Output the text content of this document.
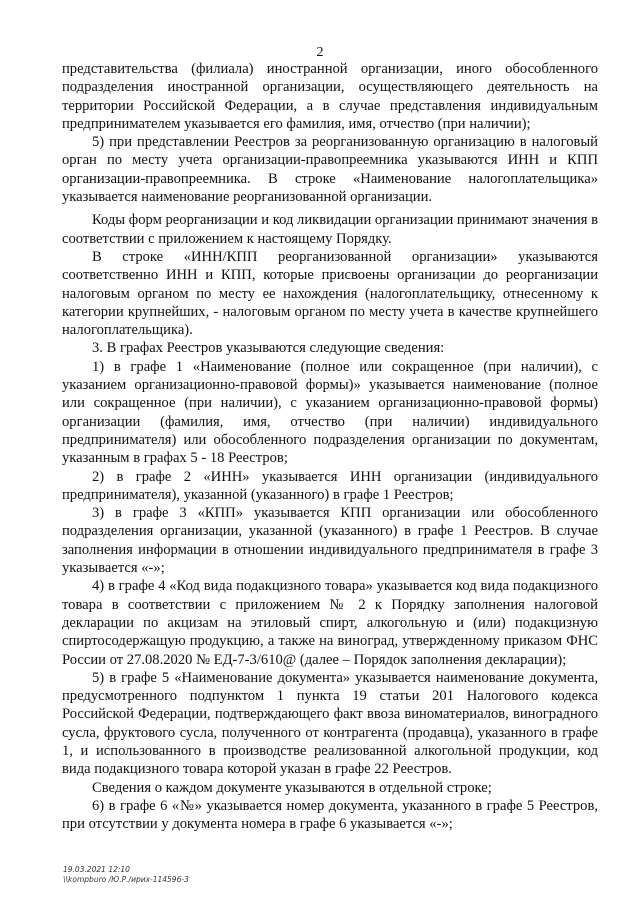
2

представительства (филиала) иностранной организации, иного обособленного подразделения иностранной организации, осуществляющего деятельность на территории Российской Федерации, а в случае представления индивидуальным предпринимателем указывается его фамилия, имя, отчество (при наличии);

5) при представлении Реестров за реорганизованную организацию в налоговый орган по месту учета организации-правопреемника указываются ИНН и КПП организации-правопреемника. В строке «Наименование налогоплательщика» указывается наименование реорганизованной организации.

Коды форм реорганизации и код ликвидации организации принимают значения в соответствии с приложением к настоящему Порядку.

В строке «ИНН/КПП реорганизованной организации» указываются соответственно ИНН и КПП, которые присвоены организации до реорганизации налоговым органом по месту ее нахождения (налогоплательщику, отнесенному к категории крупнейших, - налоговым органом по месту учета в качестве крупнейшего налогоплательщика).

3. В графах Реестров указываются следующие сведения:

1) в графе 1 «Наименование (полное или сокращенное (при наличии), с указанием организационно-правовой формы)» указывается наименование (полное или сокращенное (при наличии), с указанием организационно-правовой формы) организации (фамилия, имя, отчество (при наличии) индивидуального предпринимателя) или обособленного подразделения организации по документам, указанным в графах 5 - 18 Реестров;

2) в графе 2 «ИНН» указывается ИНН организации (индивидуального предпринимателя), указанной (указанного) в графе 1 Реестров;

3) в графе 3 «КПП» указывается КПП организации или обособленного подразделения организации, указанной (указанного) в графе 1 Реестров. В случае заполнения информации в отношении индивидуального предпринимателя в графе 3 указывается «-»;

4) в графе 4 «Код вида подакцизного товара» указывается код вида подакцизного товара в соответствии с приложением № 2 к Порядку заполнения налоговой декларации по акцизам на этиловый спирт, алкогольную и (или) подакцизную спиртосодержащую продукцию, а также на виноград, утвержденному приказом ФНС России от 27.08.2020 № ЕД-7-3/610@ (далее – Порядок заполнения декларации);

5) в графе 5 «Наименование документа» указывается наименование документа, предусмотренного подпунктом 1 пункта 19 статьи 201 Налогового кодекса Российской Федерации, подтверждающего факт ввоза виноматериалов, виноградного сусла, фруктового сусла, полученного от контрагента (продавца), указанного в графе 1, и использованного в производстве реализованной алкогольной продукции, код вида подакцизного товара которой указан в графе 22 Реестров.

Сведения о каждом документе указываются в отдельной строке;

6) в графе 6 «№» указывается номер документа, указанного в графе 5 Реестров, при отсутствии у документа номера в графе 6 указывается «-»;

19.03.2021 12:10
\\kompburo /Ю.Р./ирих-114596-3
